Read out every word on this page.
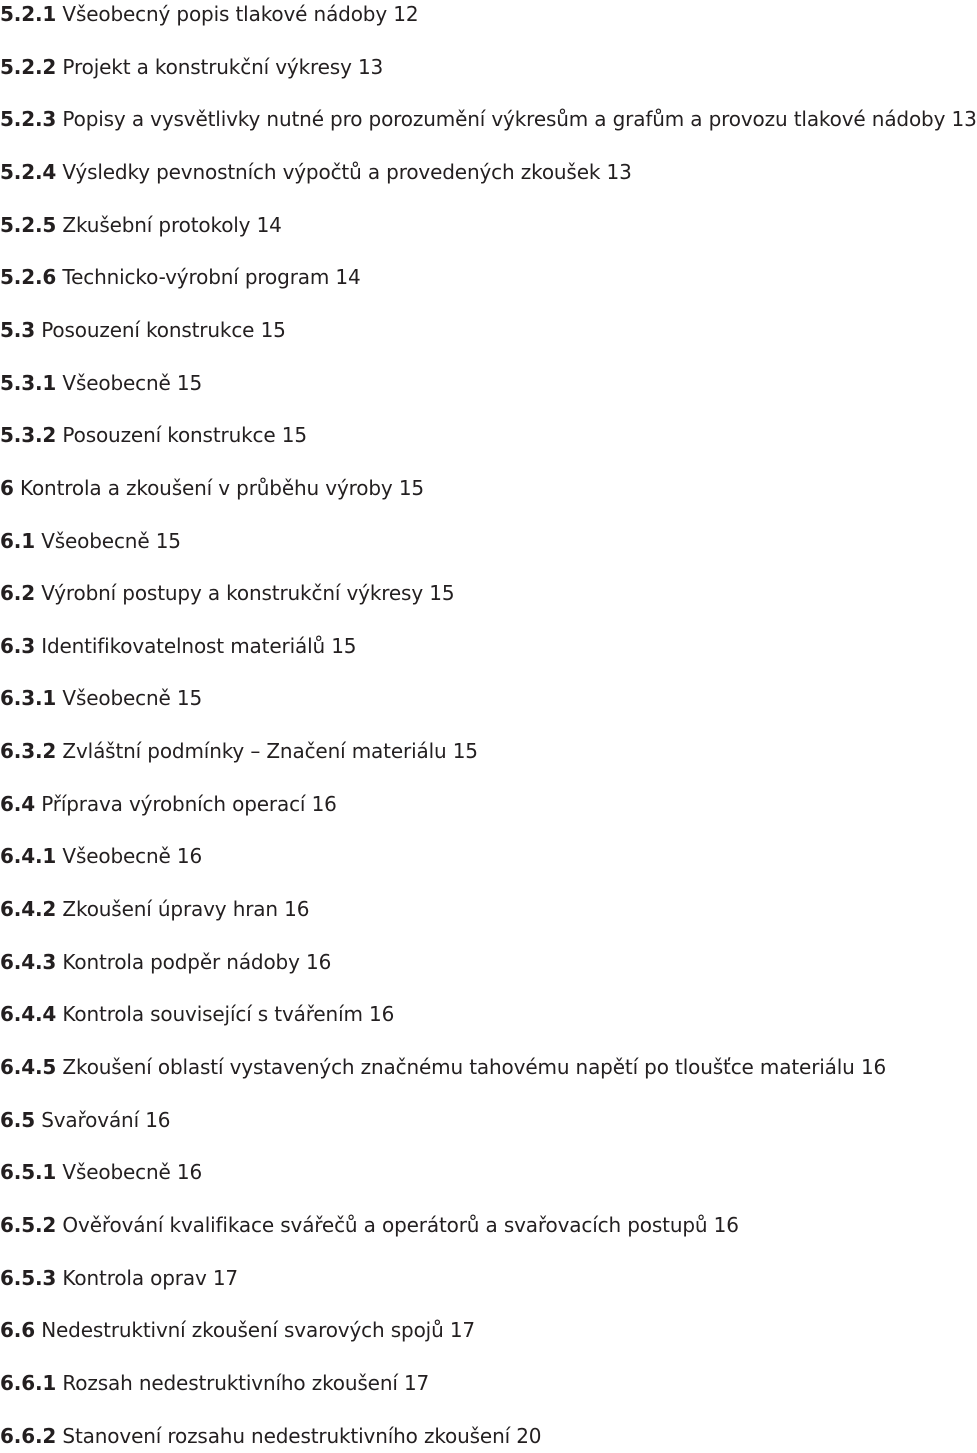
5.2.1 Všeobecný popis tlakové nádoby 12
5.2.2 Projekt a konstrukční výkresy 13
5.2.3 Popisy a vysvětlivky nutné pro porozumění výkresům a grafům a provozu tlakové nádoby 13
5.2.4 Výsledky pevnostních výpočtů a provedených zkoušek 13
5.2.5 Zkušební protokoly 14
5.2.6 Technicko-výrobní program 14
5.3 Posouzení konstrukce 15
5.3.1 Všeobecně 15
5.3.2 Posouzení konstrukce 15
6 Kontrola a zkoušení v průběhu výroby 15
6.1 Všeobecně 15
6.2 Výrobní postupy a konstrukční výkresy 15
6.3 Identifikovatelnost materiálů 15
6.3.1 Všeobecně 15
6.3.2 Zvláštní podmínky – Značení materiálu 15
6.4 Příprava výrobních operací 16
6.4.1 Všeobecně 16
6.4.2 Zkoušení úpravy hran 16
6.4.3 Kontrola podpěr nádoby 16
6.4.4 Kontrola související s tvářením 16
6.4.5 Zkoušení oblastí vystavených značnému tahovému napětí po tloušťce materiálu 16
6.5 Svařování 16
6.5.1 Všeobecně 16
6.5.2 Ověřování kvalifikace svářečů a operátorů a svařovacích postupů 16
6.5.3 Kontrola oprav 17
6.6 Nedestruktivní zkoušení svarových spojů 17
6.6.1 Rozsah nedestruktivního zkoušení 17
6.6.2 Stanovení rozsahu nedestruktivního zkoušení 20
